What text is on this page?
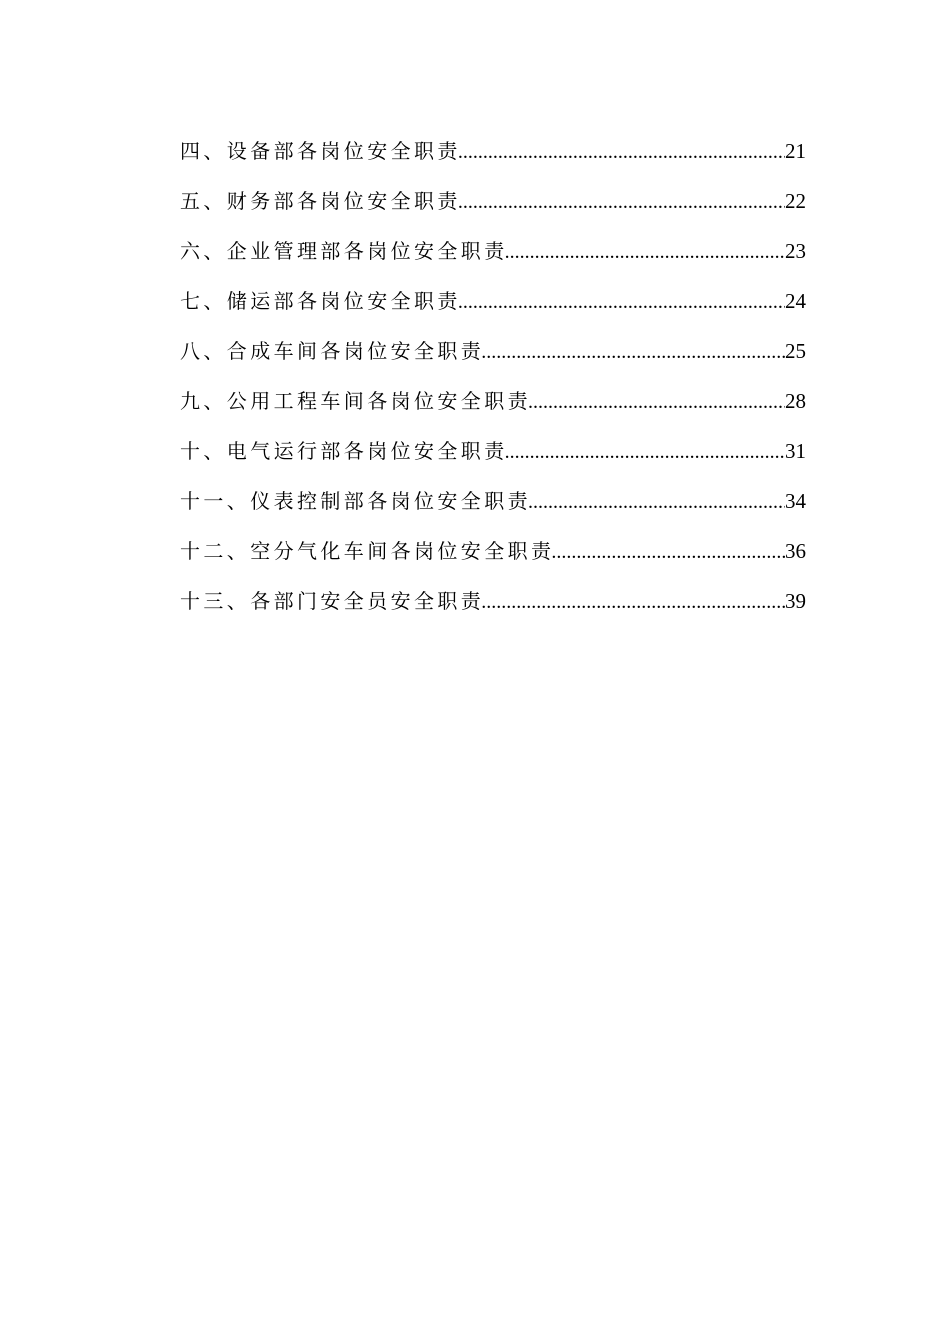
四、设备部各岗位安全职责 .....	21
五、财务部各岗位安全职责 .....	22
六、企业管理部各岗位安全职责 .....	23
七、储运部各岗位安全职责 .....	24
八、合成车间各岗位安全职责 .....	25
九、公用工程车间各岗位安全职责 .....	28
十、电气运行部各岗位安全职责 .....	31
十一、仪表控制部各岗位安全职责 .....	34
十二、空分气化车间各岗位安全职责 .....	36
十三、各部门安全员安全职责 .....	39
